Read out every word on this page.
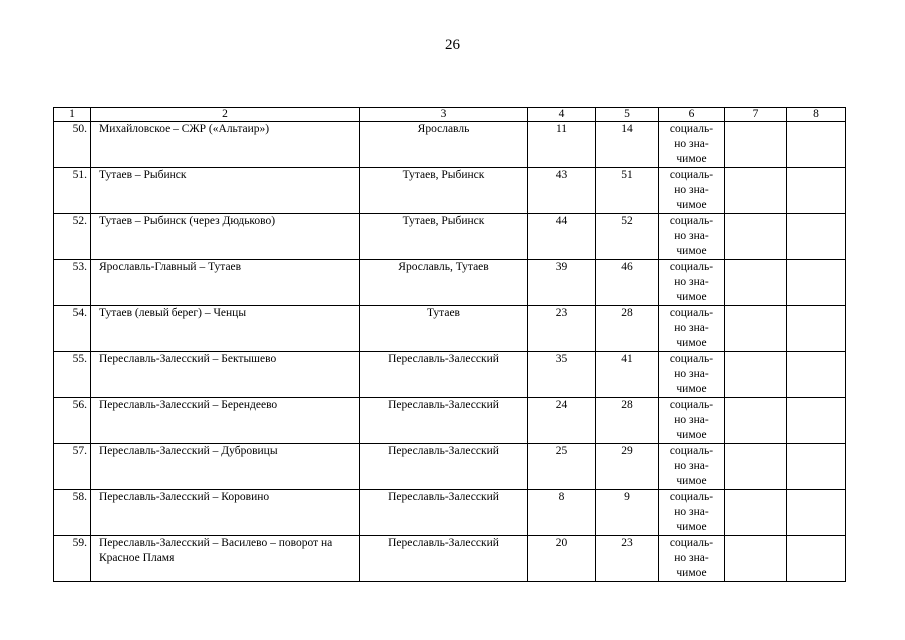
26
1	2	3	4	5	6	7	8
50.	Михайловское – СЖР («Альтаир»)	Ярославль	11	14	социаль-
но зна-
чимое		

51.	Тутаев – Рыбинск	Тутаев, Рыбинск	43	51	социаль-
но зна-
чимое		

52.	Тутаев – Рыбинск (через Дюдьково)	Тутаев, Рыбинск	44	52	социаль-
но зна-
чимое		

53.	Ярославль-Главный – Тутаев	Ярославль, Тутаев	39	46	социаль-
но зна-
чимое		

54.	Тутаев (левый берег) – Ченцы	Тутаев	23	28	социаль-
но зна-
чимое		

55.	Переславль-Залесский – Бектышево	Переславль-Залесский	35	41	социаль-
но зна-
чимое		

56.	Переславль-Залесский – Берендеево	Переславль-Залесский	24	28	социаль-
но зна-
чимое		

57.	Переславль-Залесский – Дубровицы	Переславль-Залесский	25	29	социаль-
но зна-
чимое		

58.	Переславль-Залесский – Коровино	Переславль-Залесский	8	9	социаль-
но зна-
чимое		

59.	Переславль-Залесский – Василево – поворот на Красное Пламя	Переславль-Залесский	20	23	социаль-
но зна-
чимое		
